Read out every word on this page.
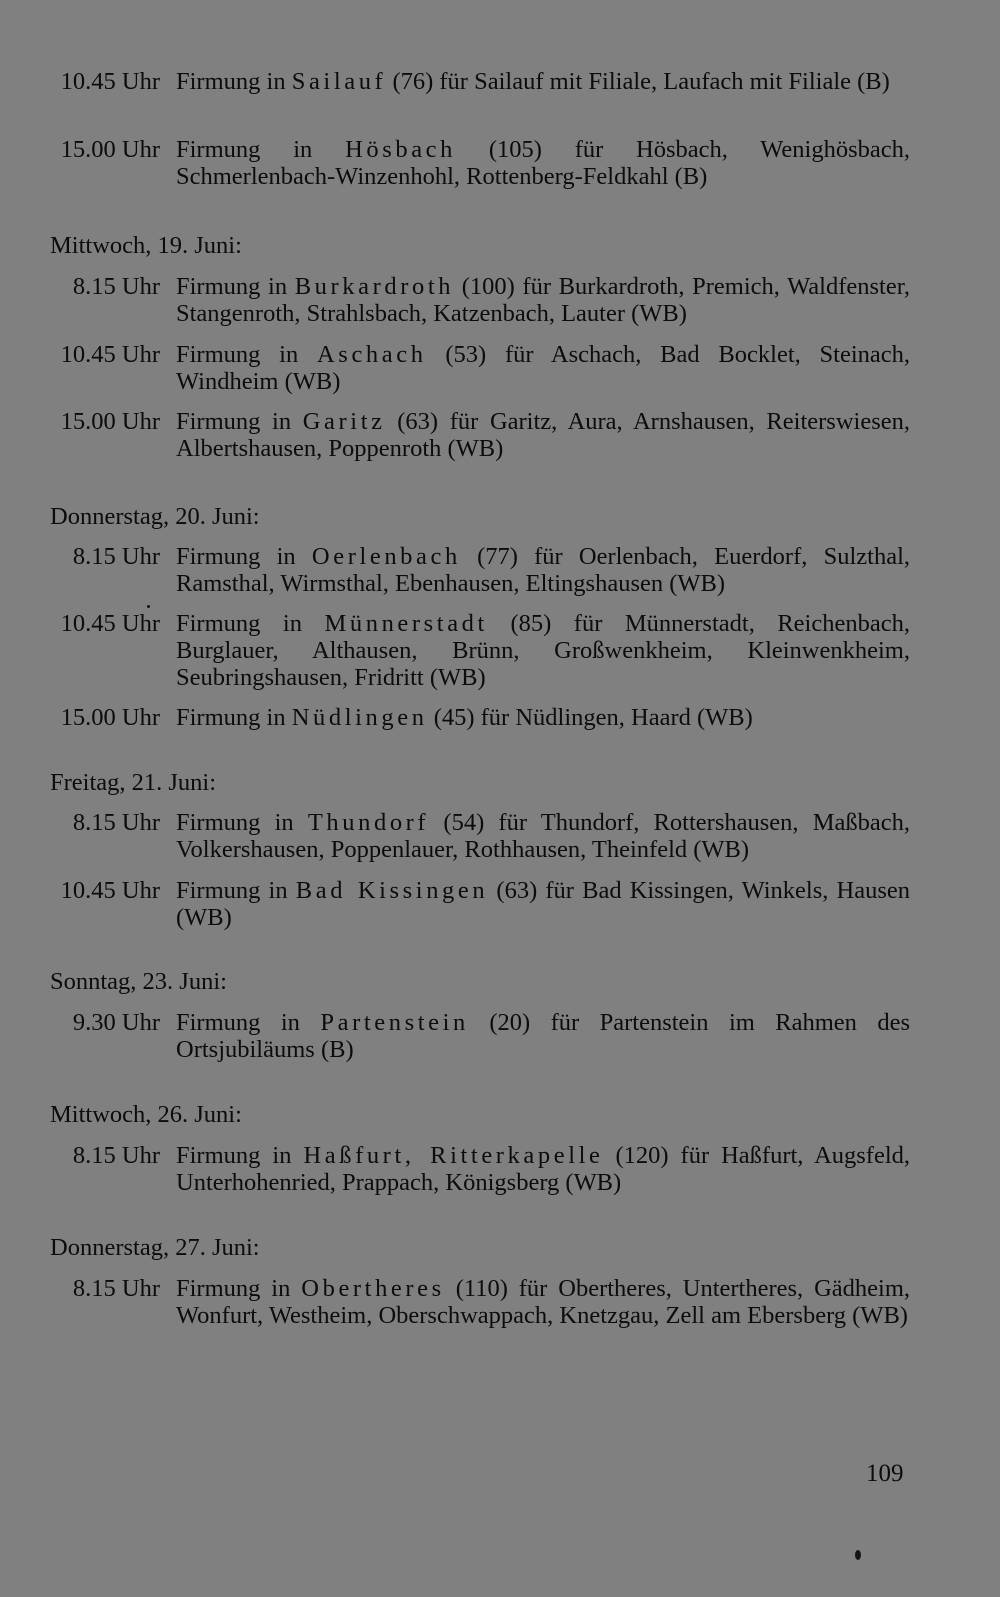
10.45 Uhr Firmung in Sailauf (76) für Sailauf mit Filiale, Laufach mit Filiale (B)
15.00 Uhr Firmung in Hösbach (105) für Hösbach, Wenighösbach, Schmerlenbach-Winzenhohl, Rottenberg-Feldkahl (B)
Mittwoch, 19. Juni:
8.15 Uhr Firmung in Burkardroth (100) für Burkardroth, Premich, Waldfenster, Stangenroth, Strahlsbach, Katzenbach, Lauter (WB)
10.45 Uhr Firmung in Aschach (53) für Aschach, Bad Bocklet, Steinach, Windheim (WB)
15.00 Uhr Firmung in Garitz (63) für Garitz, Aura, Arnshausen, Reiterswiesen, Albertshausen, Poppenroth (WB)
Donnerstag, 20. Juni:
8.15 Uhr Firmung in Oerlenbach (77) für Oerlenbach, Euerdorf, Sulzthal, Ramsthal, Wirmsthal, Ebenhausen, Eltingshausen (WB)
10.45 Uhr Firmung in Münnerstadt (85) für Münnerstadt, Reichenbach, Burglauer, Althausen, Brünn, Großwenkheim, Kleinwenkheim, Seubringshausen, Fridritt (WB)
15.00 Uhr Firmung in Nüdlingen (45) für Nüdlingen, Haard (WB)
Freitag, 21. Juni:
8.15 Uhr Firmung in Thundorf (54) für Thundorf, Rottershausen, Maßbach, Volkershausen, Poppenlauer, Rothhausen, Theinfeld (WB)
10.45 Uhr Firmung in Bad Kissingen (63) für Bad Kissingen, Winkels, Hausen (WB)
Sonntag, 23. Juni:
9.30 Uhr Firmung in Partenstein (20) für Partenstein im Rahmen des Ortsjubiläums (B)
Mittwoch, 26. Juni:
8.15 Uhr Firmung in Haßfurt, Ritterkapelle (120) für Haßfurt, Augsfeld, Unterhohenried, Prappach, Königsberg (WB)
Donnerstag, 27. Juni:
8.15 Uhr Firmung in Obertheres (110) für Obertheres, Untertheres, Gädheim, Wonfurt, Westheim, Oberschwappach, Knetzgau, Zell am Ebersberg (WB)
109
